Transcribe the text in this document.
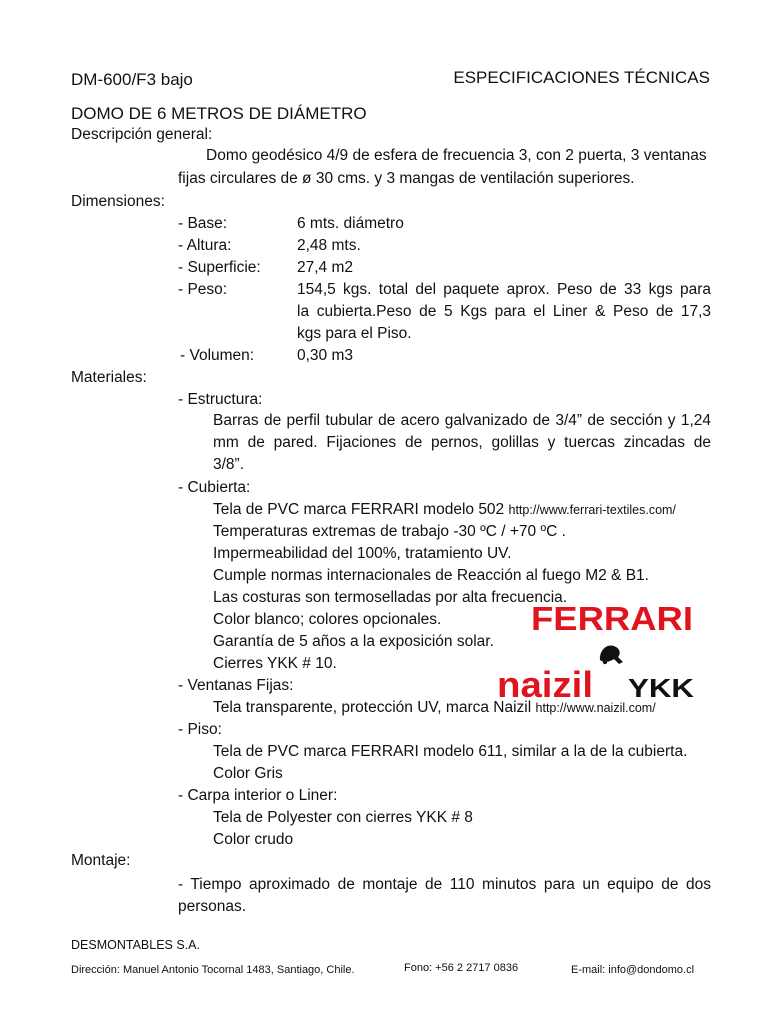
DM-600/F3 bajo	ESPECIFICACIONES TÉCNICAS
DOMO DE 6 METROS DE DIÁMETRO
Descripción general:
Domo geodésico 4/9 de esfera de frecuencia 3, con 2 puerta, 3 ventanas
fijas circulares de ø 30 cms. y 3 mangas de ventilación superiores.
Dimensiones:
- Base:	6 mts. diámetro
- Altura:	2,48 mts.
- Superficie: 27,4 m2
- Peso:	154,5 kgs. total del paquete aprox. Peso de 33 kgs para
la cubierta.Peso de 5 Kgs para el Liner & Peso de 17,3
kgs para el Piso.
- Volumen:	0,30 m3
Materiales:
- Estructura:
Barras de perfil tubular de acero galvanizado de 3/4” de sección y 1,24
mm de pared. Fijaciones de pernos, golillas y tuercas zincadas de
3/8”.
- Cubierta:
Tela de PVC marca FERRARI modelo 502 http://www.ferrari-textiles.com/
Temperaturas extremas de trabajo -30 ºC / +70 ºC .
Impermeabilidad del 100%, tratamiento UV.
Cumple normas internacionales de Reacción al fuego M2 & B1.
Las costuras son termoselladas por alta frecuencia.
Color blanco; colores opcionales.
Garantía de 5 años a la exposición solar.
Cierres YKK # 10.
FERRARI
naizil YKK
- Ventanas Fijas:
Tela transparente, protección UV, marca Naizil http://www.naizil.com/
- Piso:
Tela de PVC marca FERRARI modelo 611, similar a la de la cubierta.
Color Gris
- Carpa interior o Liner:
Tela de Polyester con cierres YKK # 8
Color crudo
Montaje:
- Tiempo aproximado de montaje de 110 minutos para un equipo de dos
personas.
DESMONTABLES S.A.
Dirección: Manuel Antonio Tocornal 1483, Santiago, Chile.	Fono: +56 2 2717 0836	E-mail: info@dondomo.cl
